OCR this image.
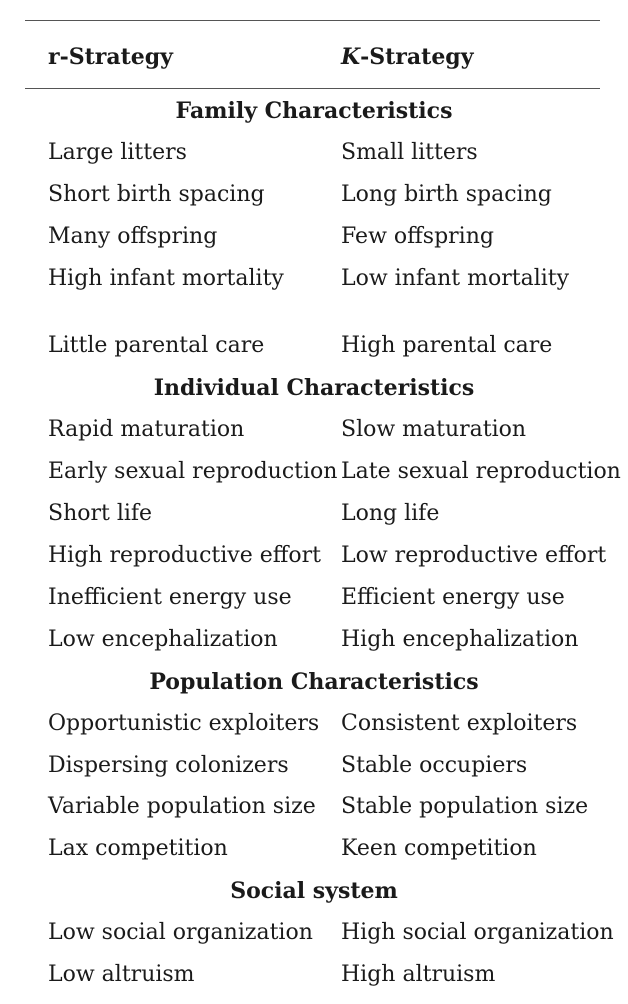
r-Strategy	K-Strategy
Family Characteristics
Large litters	Small litters
Short birth spacing	Long birth spacing
Many offspring	Few offspring
High infant mortality	Low infant mortality
Little parental care	High parental care
Individual Characteristics
Rapid maturation	Slow maturation
Early sexual reproduction Late sexual reproduction
Short life	Long life
High reproductive effort Low reproductive effort
Inefficient energy use Efficient energy use
Low encephalization	High encephalization
Population Characteristics
Opportunistic exploiters Consistent exploiters
Dispersing colonizers Stable occupiers
Variable population size Stable population size
Lax competition	Keen competition
Social system
Low social organization High social organization
Low altruism	High altruism
